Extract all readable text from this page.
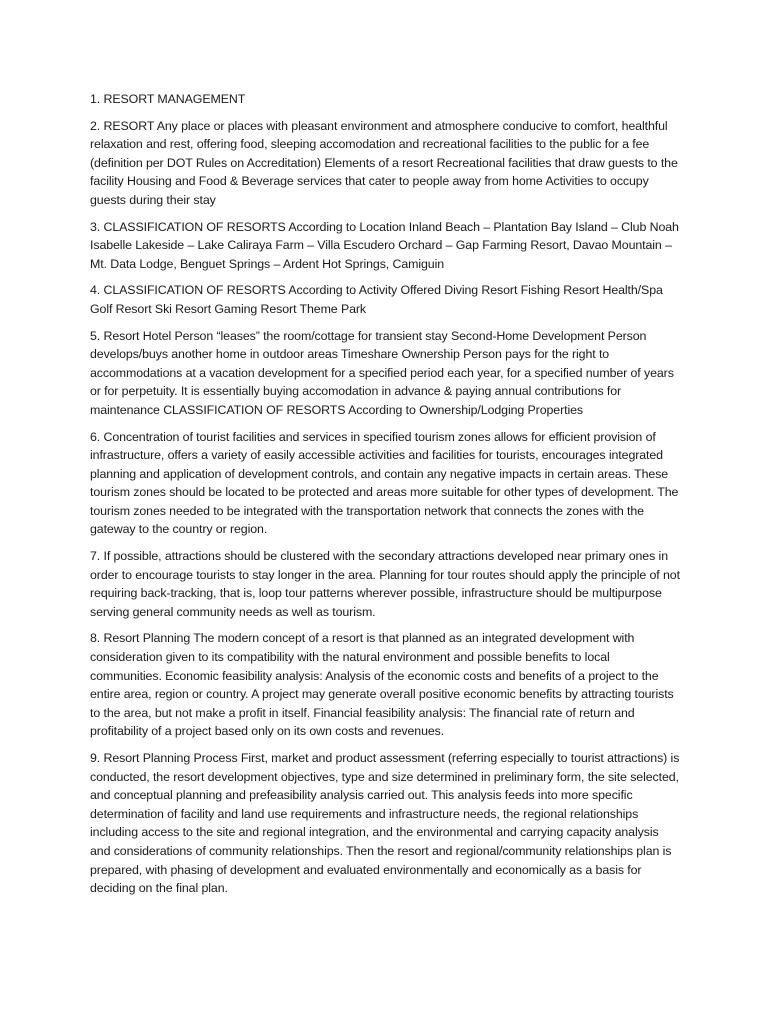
1. RESORT MANAGEMENT

2. RESORT Any place or places with pleasant environment and atmosphere conducive to comfort, healthful relaxation and rest, offering food, sleeping accomodation and recreational facilities to the public for a fee (definition per DOT Rules on Accreditation) Elements of a resort Recreational facilities that draw guests to the facility Housing and Food & Beverage services that cater to people away from home Activities to occupy guests during their stay

3. CLASSIFICATION OF RESORTS According to Location Inland Beach – Plantation Bay Island – Club Noah Isabelle Lakeside – Lake Caliraya Farm – Villa Escudero Orchard – Gap Farming Resort, Davao Mountain – Mt. Data Lodge, Benguet Springs – Ardent Hot Springs, Camiguin

4. CLASSIFICATION OF RESORTS According to Activity Offered Diving Resort Fishing Resort Health/Spa Golf Resort Ski Resort Gaming Resort Theme Park

5. Resort Hotel Person “leases” the room/cottage for transient stay Second-Home Development Person develops/buys another home in outdoor areas Timeshare Ownership Person pays for the right to accommodations at a vacation development for a specified period each year, for a specified number of years or for perpetuity. It is essentially buying accomodation in advance & paying annual contributions for maintenance CLASSIFICATION OF RESORTS According to Ownership/Lodging Properties

6. Concentration of tourist facilities and services in specified tourism zones allows for efficient provision of infrastructure, offers a variety of easily accessible activities and facilities for tourists, encourages integrated planning and application of development controls, and contain any negative impacts in certain areas. These tourism zones should be located to be protected and areas more suitable for other types of development. The tourism zones needed to be integrated with the transportation network that connects the zones with the gateway to the country or region.

7. If possible, attractions should be clustered with the secondary attractions developed near primary ones in order to encourage tourists to stay longer in the area. Planning for tour routes should apply the principle of not requiring back-tracking, that is, loop tour patterns wherever possible, infrastructure should be multipurpose serving general community needs as well as tourism.

8. Resort Planning The modern concept of a resort is that planned as an integrated development with consideration given to its compatibility with the natural environment and possible benefits to local communities. Economic feasibility analysis: Analysis of the economic costs and benefits of a project to the entire area, region or country. A project may generate overall positive economic benefits by attracting tourists to the area, but not make a profit in itself. Financial feasibility analysis: The financial rate of return and profitability of a project based only on its own costs and revenues.

9. Resort Planning Process First, market and product assessment (referring especially to tourist attractions) is conducted, the resort development objectives, type and size determined in preliminary form, the site selected, and conceptual planning and prefeasibility analysis carried out. This analysis feeds into more specific determination of facility and land use requirements and infrastructure needs, the regional relationships including access to the site and regional integration, and the environmental and carrying capacity analysis and considerations of community relationships. Then the resort and regional/community relationships plan is prepared, with phasing of development and evaluated environmentally and economically as a basis for deciding on the final plan.
